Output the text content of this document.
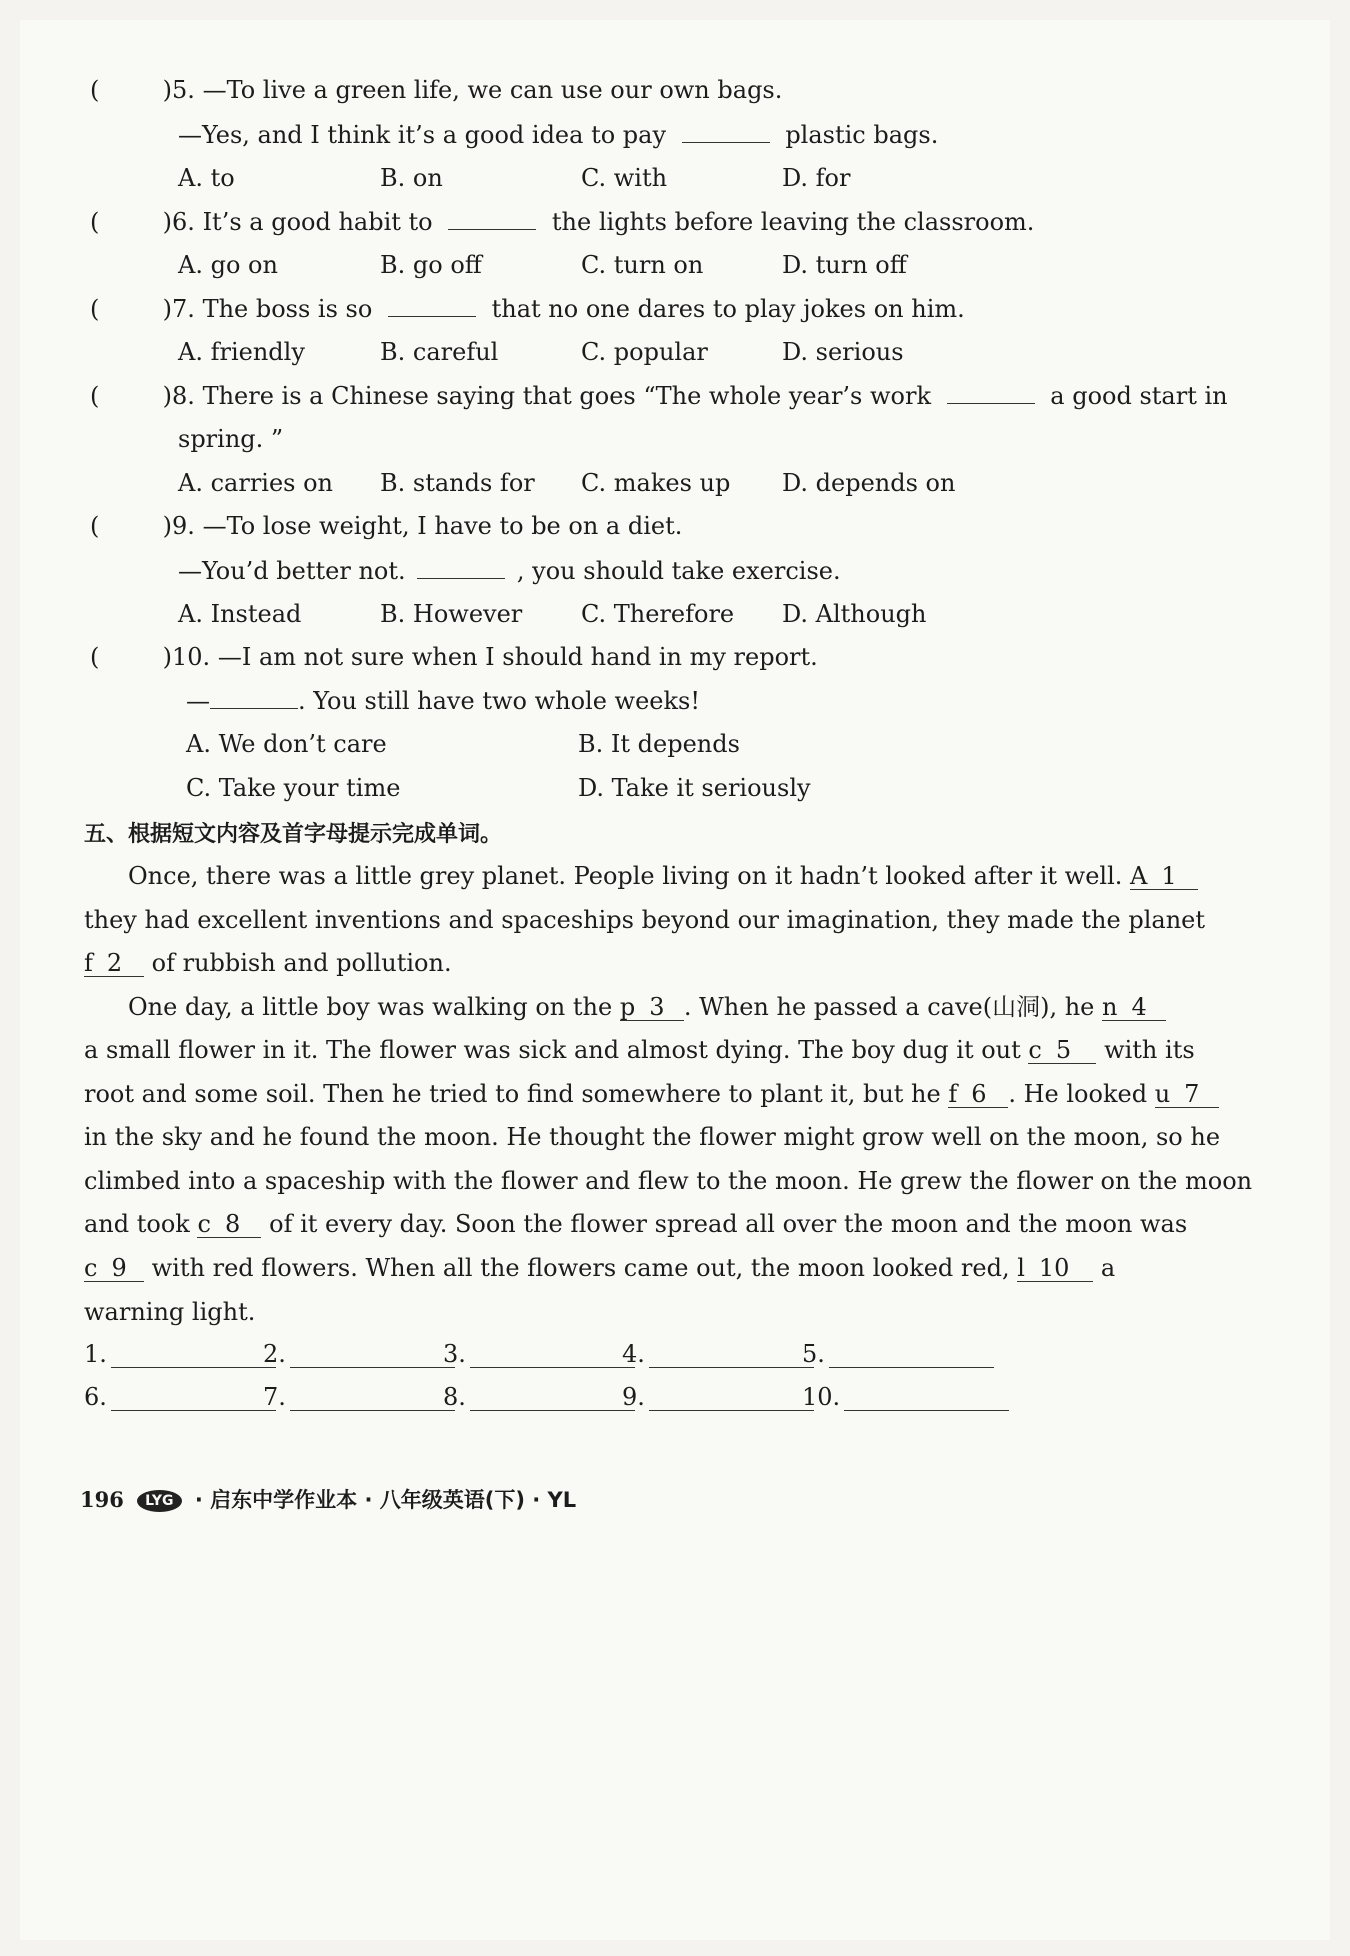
(	)5. —To live a green life, we can use our own bags.
—Yes, and I think it’s a good idea to pay	plastic bags.
A. to	B. on	C. with	D. for
(	)6. It’s a good habit to	the lights before leaving the classroom.
A. go on	B. go off	C. turn on	D. turn off
(	)7. The boss is so	that no one dares to play jokes on him.
A. friendly	B. careful	C. popular	D. serious
(	)8. There is a Chinese saying that goes “The whole year’s work	a good start in
spring. ”
A. carries on B. stands for C. makes up D. depends on
(	)9. —To lose weight, I have to be on a diet.
—You’d better not.	, you should take exercise.
A. Instead	B. However C. Therefore D. Although
(	)10. —I am not sure when I should hand in my report.
—	. You still have two whole weeks!
A. We don’t care	B. It depends
C. Take your time	D. Take it seriously
五、根据短文内容及首字母提示完成单词。
Once, there was a little grey planet. People living on it hadn’t looked after it well. A 1
they had excellent inventions and spaceships beyond our imagination, they made the planet
f 2 of rubbish and pollution.
One day, a little boy was walking on the p 3 . When he passed a cave(山洞), he n 4
a small flower in it. The flower was sick and almost dying. The boy dug it out c 5 with its
root and some soil. Then he tried to find somewhere to plant it, but he f 6 . He looked u 7
in the sky and he found the moon. He thought the flower might grow well on the moon, so he
climbed into a spaceship with the flower and flew to the moon. He grew the flower on the moon
and took c 8 of it every day. Soon the flower spread all over the moon and the moon was
c 9 with red flowers. When all the flowers came out, the moon looked red, l 10 a
warning light.
1.	2.	3.	4.	5.
6.	7.	8.	9.	10.
196 LYG · 启东中学作业本 · 八年级英语(下) · YL
